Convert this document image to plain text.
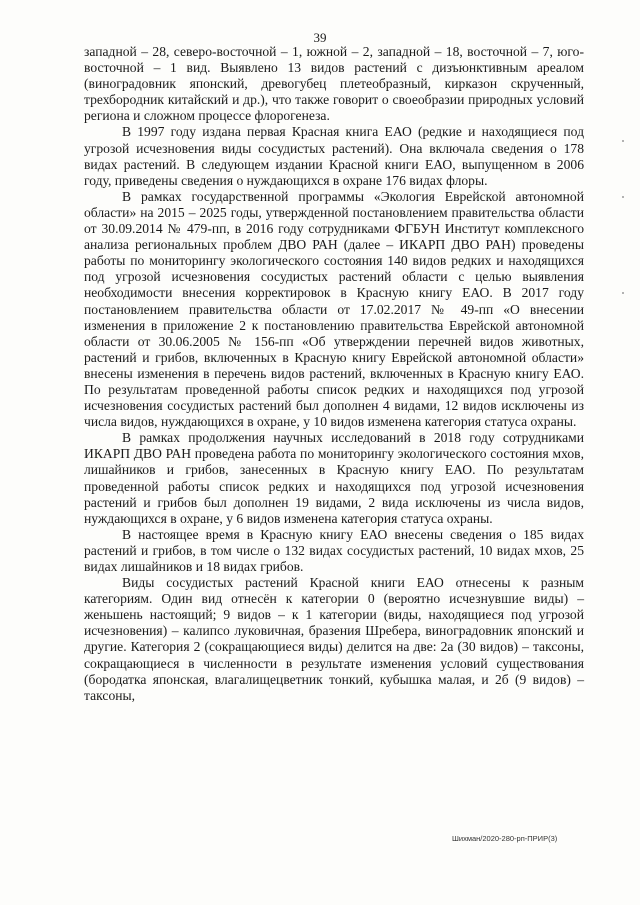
39

западной – 28, северо-восточной – 1, южной – 2, западной – 18, восточной – 7, юго-восточной – 1 вид. Выявлено 13 видов растений с дизъюнктивным ареалом (виноградовник японский, древогубец плетеобразный, кирказон скрученный, трехбородник китайский и др.), что также говорит о своеобразии природных условий региона и сложном процессе флорогенеза.

В 1997 году издана первая Красная книга ЕАО (редкие и находящиеся под угрозой исчезновения виды сосудистых растений). Она включала сведения о 178 видах растений. В следующем издании Красной книги ЕАО, выпущенном в 2006 году, приведены сведения о нуждающихся в охране 176 видах флоры.

В рамках государственной программы «Экология Еврейской автономной области» на 2015 – 2025 годы, утвержденной постановлением правительства области от 30.09.2014 № 479-пп, в 2016 году сотрудниками ФГБУН Институт комплексного анализа региональных проблем ДВО РАН (далее – ИКАРП ДВО РАН) проведены работы по мониторингу экологического состояния 140 видов редких и находящихся под угрозой исчезновения сосудистых растений области с целью выявления необходимости внесения корректировок в Красную книгу ЕАО. В 2017 году постановлением правительства области от 17.02.2017 № 49-пп «О внесении изменения в приложение 2 к постановлению правительства Еврейской автономной области от 30.06.2005 № 156-пп «Об утверждении перечней видов животных, растений и грибов, включенных в Красную книгу Еврейской автономной области» внесены изменения в перечень видов растений, включенных в Красную книгу ЕАО. По результатам проведенной работы список редких и находящихся под угрозой исчезновения сосудистых растений был дополнен 4 видами, 12 видов исключены из числа видов, нуждающихся в охране, у 10 видов изменена категория статуса охраны.

В рамках продолжения научных исследований в 2018 году сотрудниками ИКАРП ДВО РАН проведена работа по мониторингу экологического состояния мхов, лишайников и грибов, занесенных в Красную книгу ЕАО. По результатам проведенной работы список редких и находящихся под угрозой исчезновения растений и грибов был дополнен 19 видами, 2 вида исключены из числа видов, нуждающихся в охране, у 6 видов изменена категория статуса охраны.

В настоящее время в Красную книгу ЕАО внесены сведения о 185 видах растений и грибов, в том числе о 132 видах сосудистых растений, 10 видах мхов, 25 видах лишайников и 18 видах грибов.

Виды сосудистых растений Красной книги ЕАО отнесены к разным категориям. Один вид отнесён к категории 0 (вероятно исчезнувшие виды) – женьшень настоящий; 9 видов – к 1 категории (виды, находящиеся под угрозой исчезновения) – калипсо луковичная, бразения Шребера, виноградовник японский и другие. Категория 2 (сокращающиеся виды) делится на две: 2а (30 видов) – таксоны, сокращающиеся в численности в результате изменения условий существования (бородатка японская, влагалищецветник тонкий, кубышка малая, и 2б (9 видов) – таксоны,

Шихман/2020-280-рп-ПРИР(3)
